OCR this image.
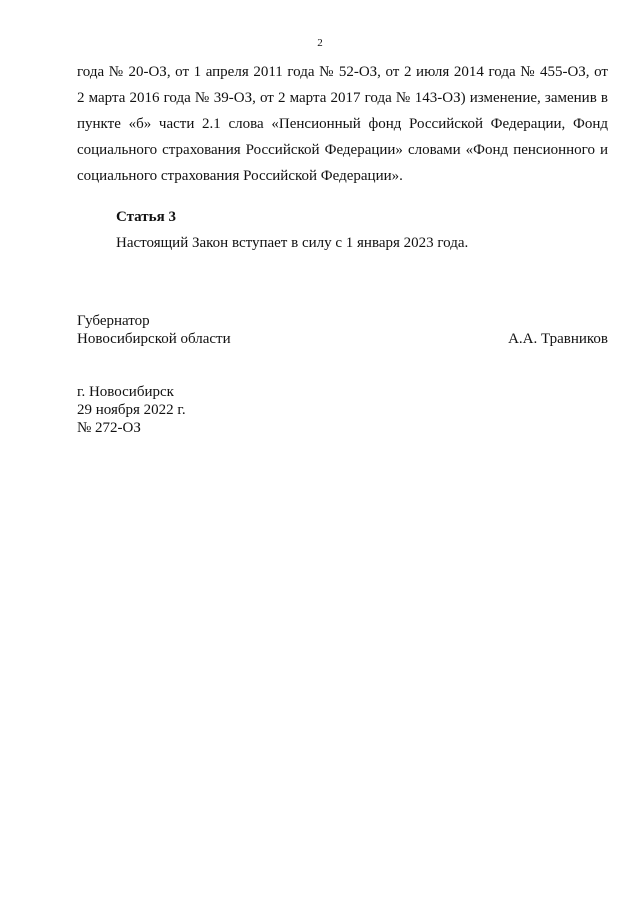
2
года № 20-ОЗ, от 1 апреля 2011 года № 52-ОЗ, от 2 июля 2014 года № 455-ОЗ, от
2 марта 2016 года № 39-ОЗ, от 2 марта 2017 года № 143-ОЗ) изменение, заменив в
пункте «б» части 2.1 слова «Пенсионный фонд Российской Федерации, Фонд
социального страхования Российской Федерации» словами «Фонд пенсионного и
социального страхования Российской Федерации».
Статья 3
Настоящий Закон вступает в силу с 1 января 2023 года.
Губернатор
Новосибирской области	А.А. Травников
г. Новосибирск
29 ноября 2022 г.
№ 272-ОЗ
